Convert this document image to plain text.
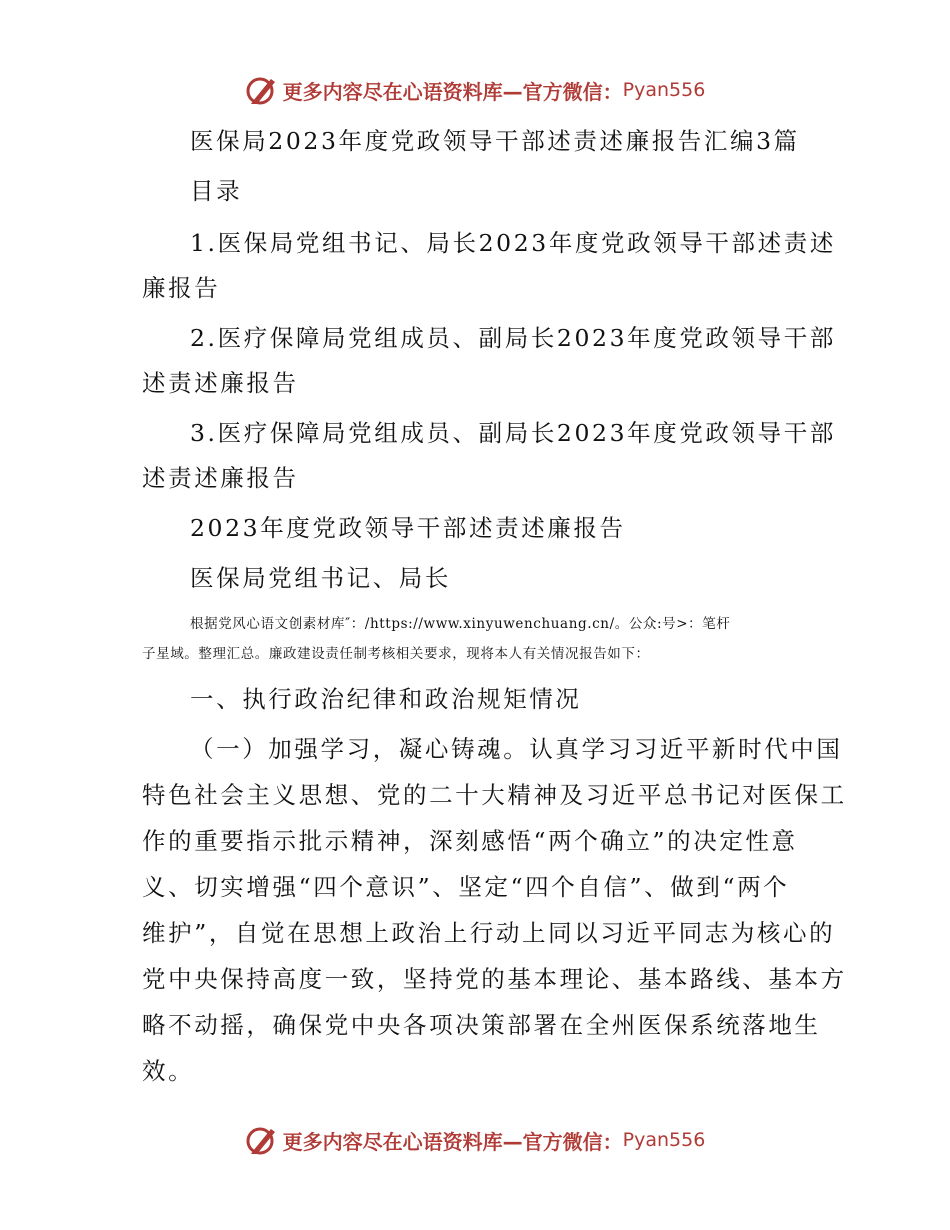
更多内容尽在心语资料库—官方微信： Pyan556
医保局2023年度党政领导干部述责述廉报告汇编3篇
目录
1.医保局党组书记、局长2023年度党政领导干部述责述
廉报告
2.医疗保障局党组成员、副局长2023年度党政领导干部
述责述廉报告
3.医疗保障局党组成员、副局长2023年度党政领导干部
述责述廉报告
2023年度党政领导干部述责述廉报告
医保局党组书记、局长
根据党风心语文创素材库″：/https://www.xinyuwenchuang.cn/。公众:号>：笔杆
子星域。整理汇总。廉政建设责任制考核相关要求，现将本人有关情况报告如下：
一、执行政治纪律和政治规矩情况
（一）加强学习，凝心铸魂。认真学习习近平新时代中国
特色社会主义思想、党的二十大精神及习近平总书记对医保工
作的重要指示批示精神，深刻感悟“两个确立”的决定性意
义、切实增强“四个意识”、坚定“四个自信”、做到“两个
维护”，自觉在思想上政治上行动上同以习近平同志为核心的
党中央保持高度一致，坚持党的基本理论、基本路线、基本方
略不动摇，确保党中央各项决策部署在全州医保系统落地生
效。
更多内容尽在心语资料库—官方微信： Pyan556
